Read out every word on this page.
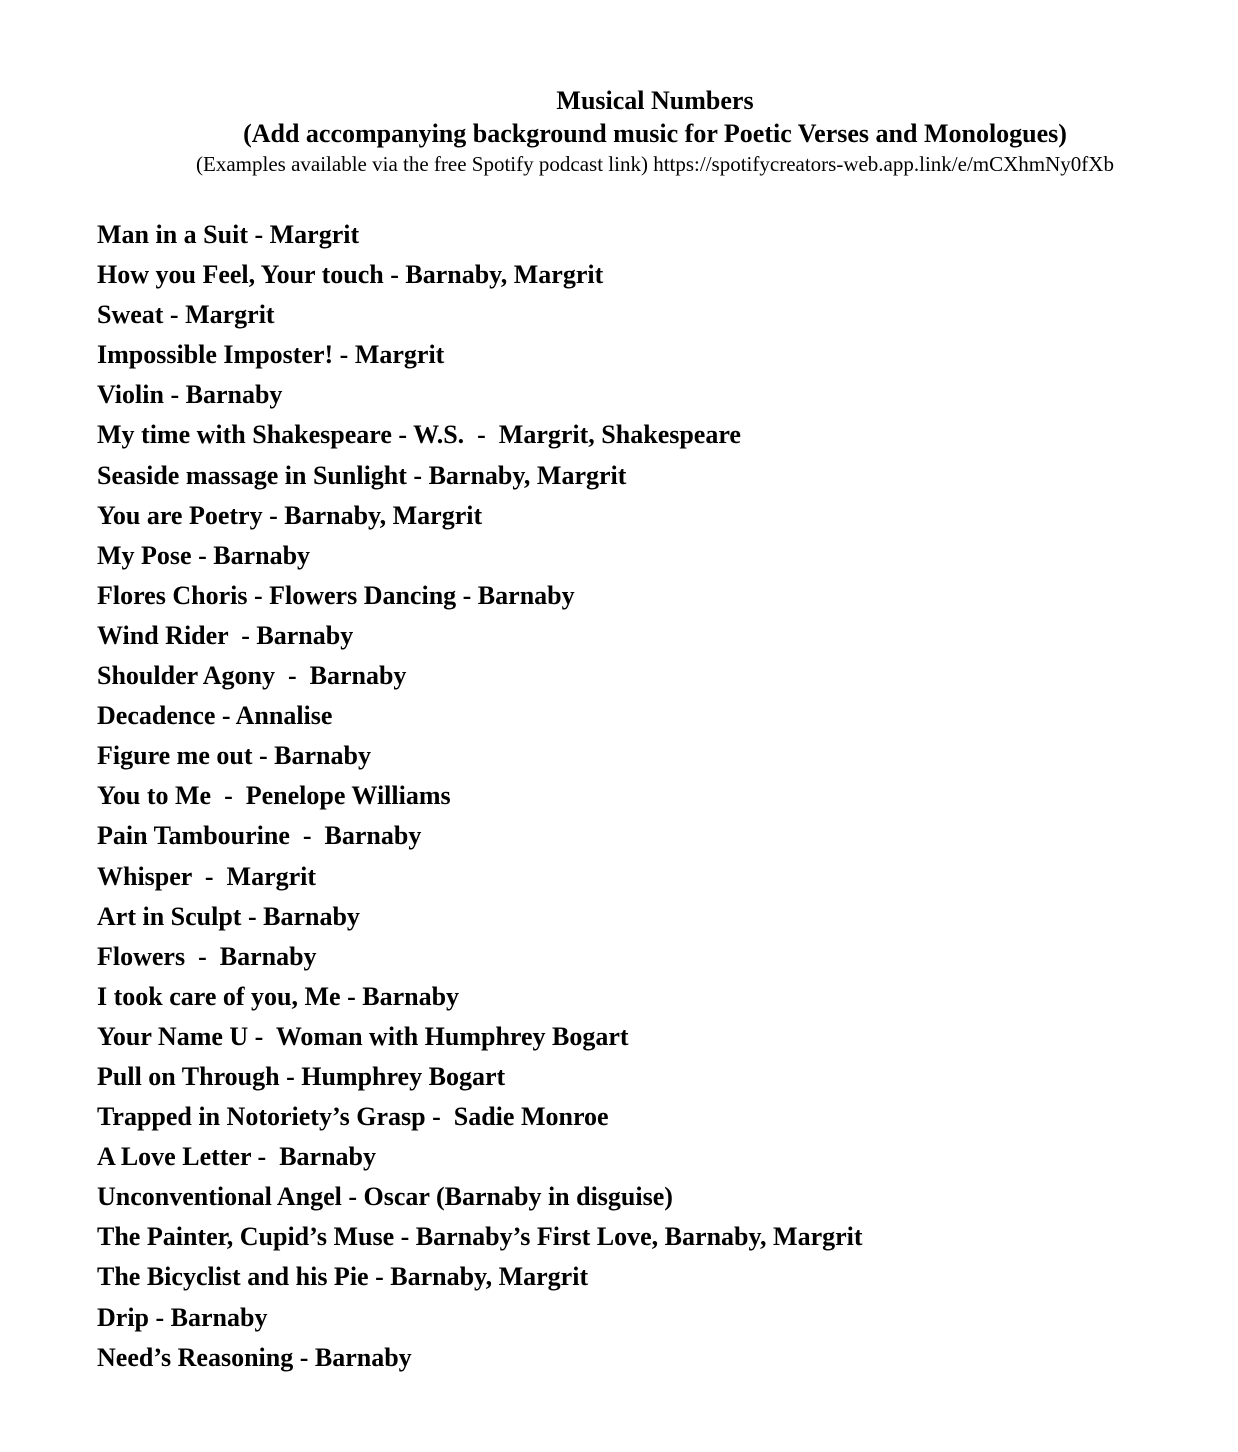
Musical Numbers
(Add accompanying background music for Poetic Verses and Monologues)
(Examples available via the free Spotify podcast link) https://spotifycreators-web.app.link/e/mCXhmNy0fXb
Man in a Suit - Margrit
How you Feel, Your touch - Barnaby, Margrit
Sweat - Margrit
Impossible Imposter! - Margrit
Violin - Barnaby
My time with Shakespeare - W.S.  -  Margrit, Shakespeare
Seaside massage in Sunlight - Barnaby, Margrit
You are Poetry - Barnaby, Margrit
My Pose - Barnaby
Flores Choris - Flowers Dancing - Barnaby
Wind Rider  - Barnaby
Shoulder Agony  -  Barnaby
Decadence - Annalise
Figure me out - Barnaby
You to Me  -  Penelope Williams
Pain Tambourine  -  Barnaby
Whisper  -  Margrit
Art in Sculpt - Barnaby
Flowers  -  Barnaby
I took care of you, Me - Barnaby
Your Name U -  Woman with Humphrey Bogart
Pull on Through - Humphrey Bogart
Trapped in Notoriety’s Grasp -  Sadie Monroe
A Love Letter -  Barnaby
Unconventional Angel - Oscar (Barnaby in disguise)
The Painter, Cupid’s Muse - Barnaby’s First Love, Barnaby, Margrit
The Bicyclist and his Pie - Barnaby, Margrit
Drip - Barnaby
Need’s Reasoning - Barnaby
